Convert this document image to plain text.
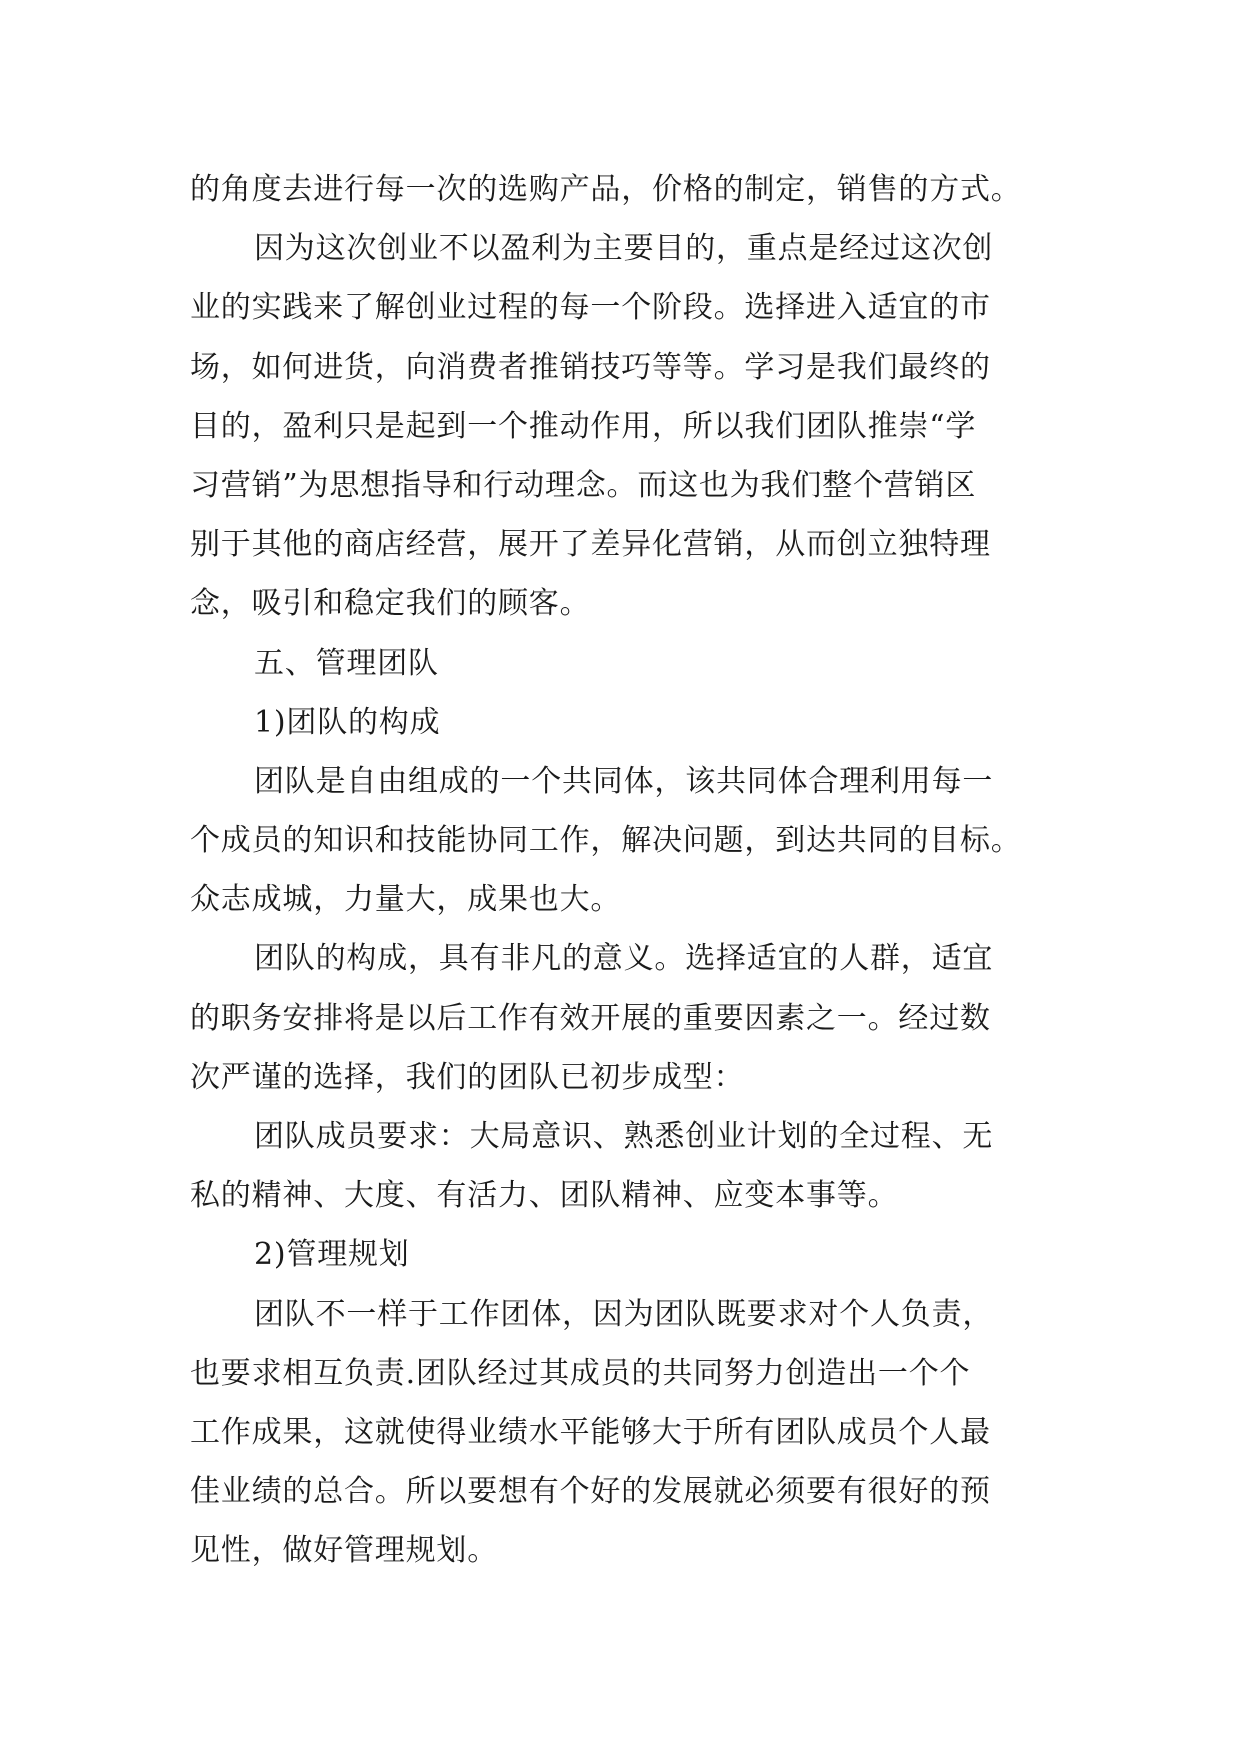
的角度去进行每一次的选购产品，价格的制定，销售的方式。
因为这次创业不以盈利为主要目的，重点是经过这次创
业的实践来了解创业过程的每一个阶段。选择进入适宜的市
场，如何进货，向消费者推销技巧等等。学习是我们最终的
目的，盈利只是起到一个推动作用，所以我们团队推崇“学
习营销”为思想指导和行动理念。而这也为我们整个营销区
别于其他的商店经营，展开了差异化营销，从而创立独特理
念，吸引和稳定我们的顾客。
五、管理团队
1)团队的构成
团队是自由组成的一个共同体，该共同体合理利用每一
个成员的知识和技能协同工作，解决问题，到达共同的目标。
众志成城，力量大，成果也大。
团队的构成，具有非凡的意义。选择适宜的人群，适宜
的职务安排将是以后工作有效开展的重要因素之一。经过数
次严谨的选择，我们的团队已初步成型：
团队成员要求：大局意识、熟悉创业计划的全过程、无
私的精神、大度、有活力、团队精神、应变本事等。
2)管理规划
团队不一样于工作团体，因为团队既要求对个人负责，
也要求相互负责.团队经过其成员的共同努力创造出一个个
工作成果，这就使得业绩水平能够大于所有团队成员个人最
佳业绩的总合。所以要想有个好的发展就必须要有很好的预
见性，做好管理规划。
